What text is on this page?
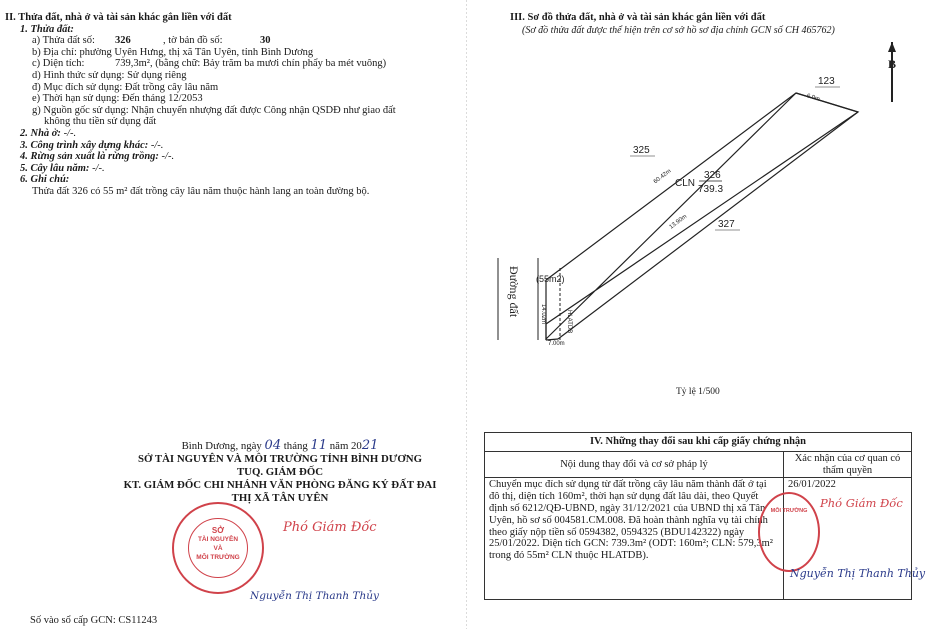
II. Thửa đất, nhà ở và tài sản khác gắn liền với đất
1. Thửa đất:
a) Thửa đất số: 326	, tờ bản đồ số:	30
b) Địa chỉ: phường Uyên Hưng, thị xã Tân Uyên, tỉnh Bình Dương
c) Diện tích:	739,3m², (bằng chữ: Bảy trăm ba mươi chín phẩy ba mét vuông)
d) Hình thức sử dụng: Sử dụng riêng
đ) Mục đích sử dụng: Đất trồng cây lâu năm
e) Thời hạn sử dụng: Đến tháng 12/2053
g) Nguồn gốc sử dụng: Nhận chuyển nhượng đất được Công nhận QSDĐ như giao đất
không thu tiền sử dụng đất
2. Nhà ở: -/-.
3. Công trình xây dựng khác: -/-.
4. Rừng sản xuất là rừng trồng: -/-.
5. Cây lâu năm: -/-.
6. Ghi chú:
Thửa đất 326 có 55 m² đất trồng cây lâu năm thuộc hành lang an toàn đường bộ.
Bình Dương, ngày 04 tháng 11 năm 2021
SỞ TÀI NGUYÊN VÀ MÔI TRƯỜNG TỈNH BÌNH DƯƠNG
TUQ. GIÁM ĐỐC
KT. GIÁM ĐỐC CHI NHÁNH VĂN PHÒNG ĐĂNG KÝ ĐẤT ĐAI
THỊ XÃ TÂN UYÊN
SỞ
TÀI NGUYÊN VÀ
MÔI TRƯỜNG
Phó Giám Đốc
Nguyễn Thị Thanh Thủy
Số vào sổ cấp GCN: CS11243
III. Sơ đồ thửa đất, nhà ở và tài sản khác gắn liền với đất
(Sơ đồ thửa đất được thể hiện trên cơ sở hồ sơ địa chính GCN số CH 465762)
B
123
325
327
CLN
326
739.3
6.0m
60.42m
13.90m
7.00m
14.02m
(55m2)
HLATDB
Đường đất
Tỷ lệ 1/500
IV. Những thay đổi sau khi cấp giấy chứng nhận	
Nội dung thay đổi và cơ sở pháp lý	Xác nhận của cơ quan có thẩm quyền
Chuyển mục đích sử dụng từ đất trồng cây lâu năm thành đất ở tại đô thị, diện tích 160m², thời hạn sử dụng đất lâu dài, theo Quyết định số 6212/QĐ-UBND, ngày 31/12/2021 của UBND thị xã Tân Uyên, hồ sơ số 004581.CM.008. Đã hoàn thành nghĩa vụ tài chính theo giấy nộp tiền số 0594382, 0594325 (BDU142322) ngày 25/01/2022. Diện tích GCN: 739.3m² (ODT: 160m²; CLN: 579,3m² trong đó 55m² CLN thuộc HLATDB).	26/01/2022
MÔI TRƯỜNG
Phó Giám Đốc
Nguyễn Thị Thanh Thủy
